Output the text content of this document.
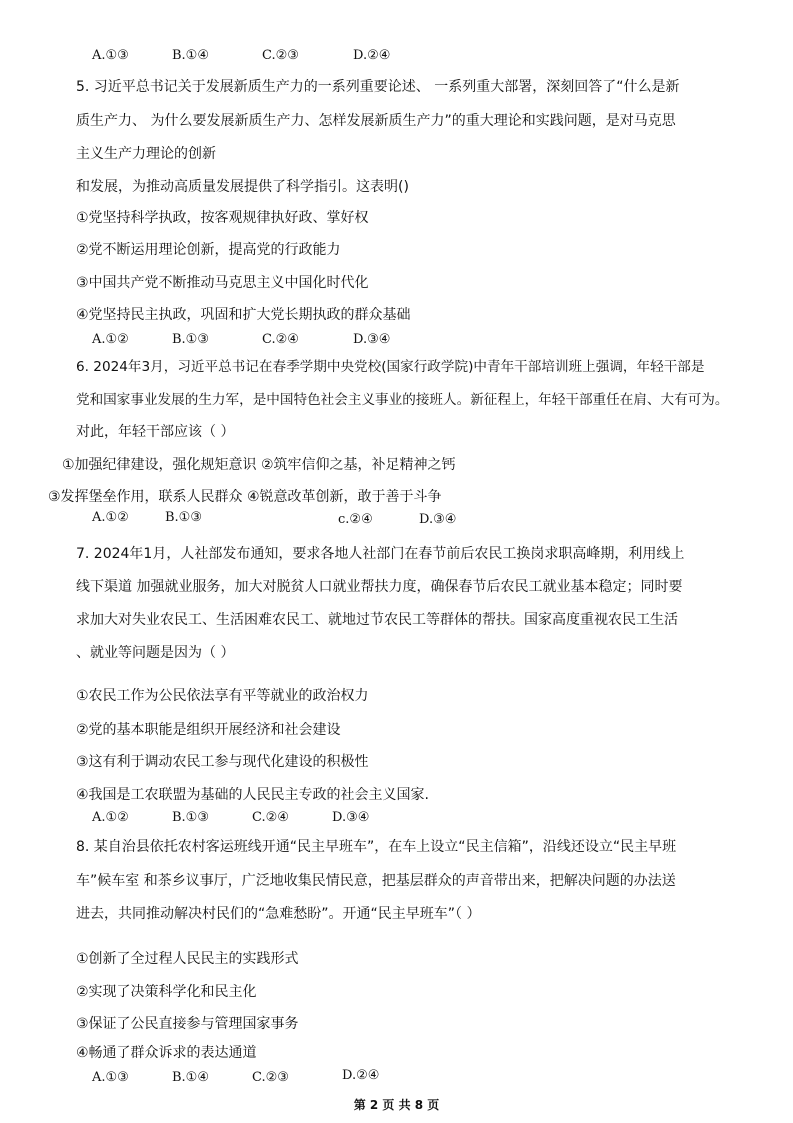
A.①③	B.①④	C.②③	D.②④
5. 习近平总书记关于发展新质生产力的一系列重要论述、 一系列重大部署，深刻回答了“什么是新
质生产力、 为什么要发展新质生产力、怎样发展新质生产力”的重大理论和实践问题，是对马克思
主义生产力理论的创新
和发展，为推动高质量发展提供了科学指引。这表明()
①党坚持科学执政，按客观规律执好政、掌好权
②党不断运用理论创新，提高党的行政能力
③中国共产党不断推动马克思主义中国化时代化
④党坚持民主执政，巩固和扩大党长期执政的群众基础
A.①②	B.①③	C.②④	D.③④
6. 2024年3月，习近平总书记在春季学期中央党校(国家行政学院)中青年干部培训班上强调，年轻干部是
党和国家事业发展的生力军，是中国特色社会主义事业的接班人。新征程上，年轻干部重任在肩、大有可为。
对此，年轻干部应该（ ）
①加强纪律建设，强化规矩意识 ②筑牢信仰之基，补足精神之钙
③发挥堡垒作用，联系人民群众 ④锐意改革创新，敢于善于斗争
A.①②	B.①③	c.②④	D.③④
7. 2024年1月，人社部发布通知，要求各地人社部门在春节前后农民工换岗求职高峰期，利用线上
线下渠道 加强就业服务，加大对脱贫人口就业帮扶力度，确保春节后农民工就业基本稳定；同时要
求加大对失业农民工、生活困难农民工、就地过节农民工等群体的帮扶。国家高度重视农民工生活
、就业等问题是因为（ ）
①农民工作为公民依法享有平等就业的政治权力
②党的基本职能是组织开展经济和社会建设
③这有利于调动农民工参与现代化建设的积极性
④我国是工农联盟为基础的人民民主专政的社会主义国家.
A.①②	B.①③	C.②④	D.③④
8. 某自治县依托农村客运班线开通“民主早班车”，在车上设立“民主信箱”，沿线还设立“民主早班
车”候车室 和茶乡议事厅，广泛地收集民情民意，把基层群众的声音带出来，把解决问题的办法送
进去，共同推动解决村民们的“急难愁盼”。开通“民主早班车”（ ）
①创新了全过程人民民主的实践形式
②实现了决策科学化和民主化
③保证了公民直接参与管理国家事务
④畅通了群众诉求的表达通道
A.①③	B.①④	C.②③	D.②④
第 2 页 共 8 页
